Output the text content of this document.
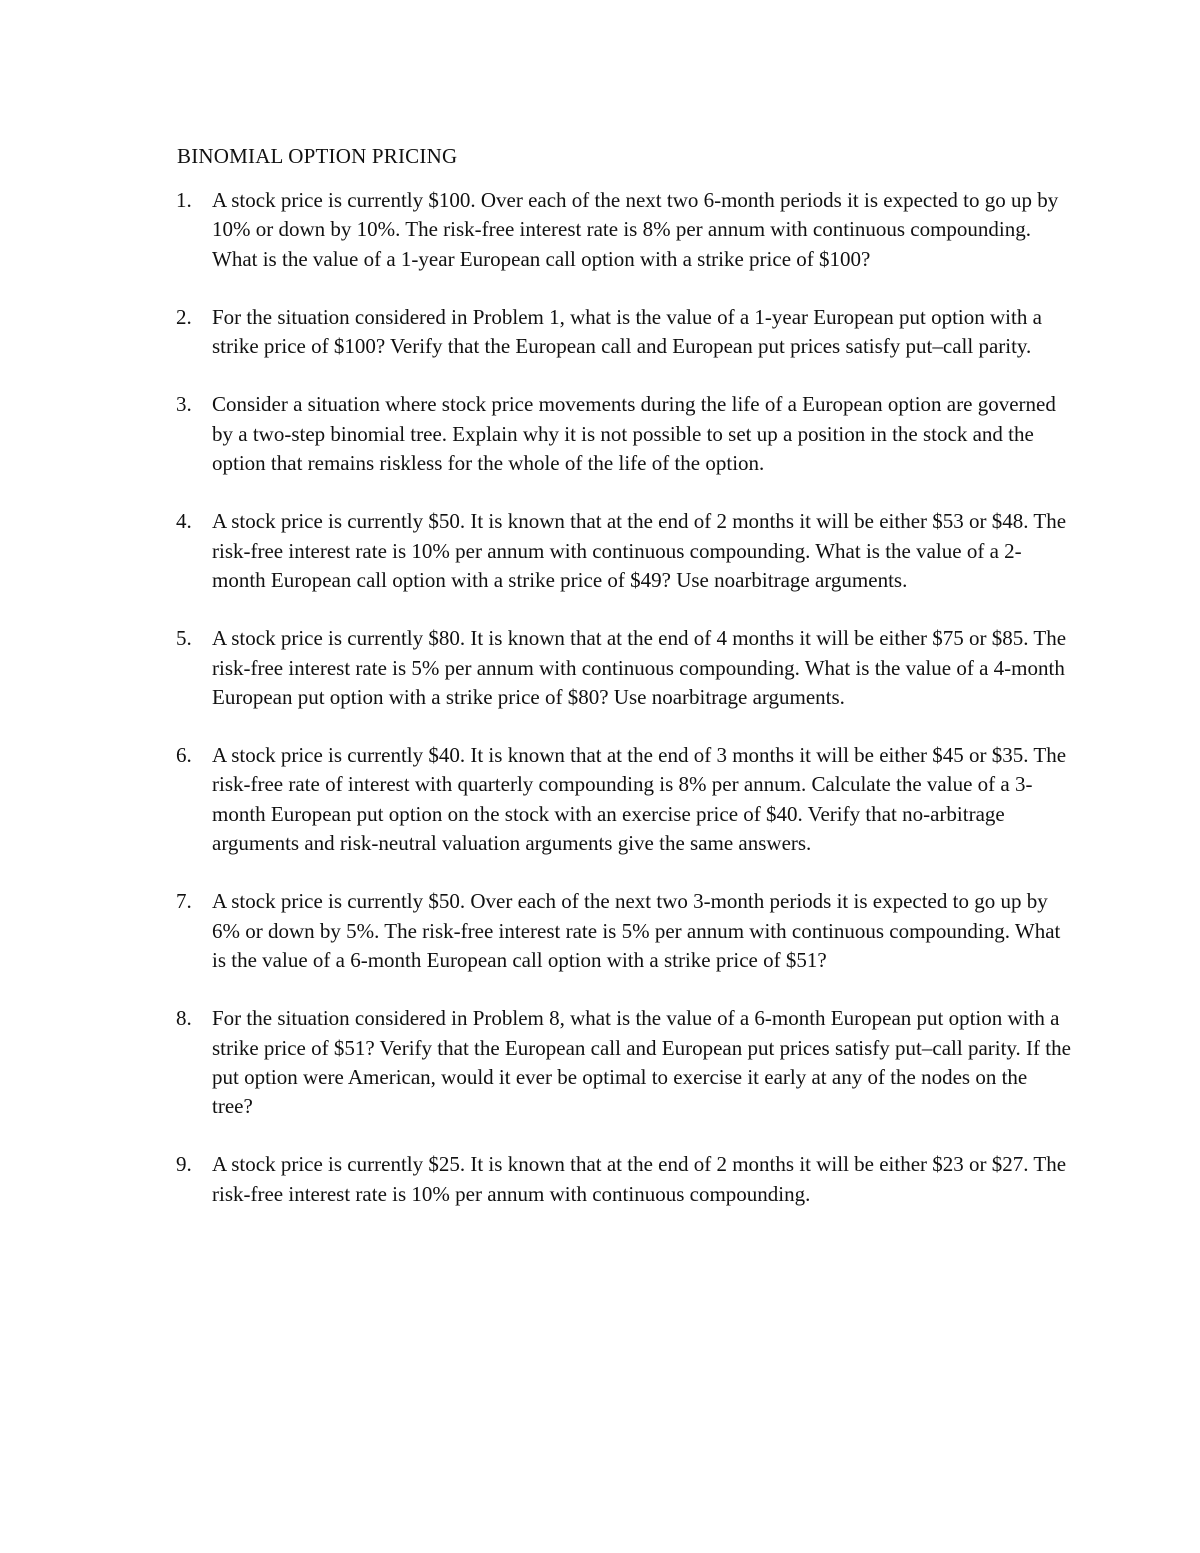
BINOMIAL OPTION PRICING
1. A stock price is currently $100. Over each of the next two 6-month periods it is expected to go up by 10% or down by 10%. The risk-free interest rate is 8% per annum with continuous compounding. What is the value of a 1-year European call option with a strike price of $100?
2. For the situation considered in Problem 1, what is the value of a 1-year European put option with a strike price of $100? Verify that the European call and European put prices satisfy put–call parity.
3. Consider a situation where stock price movements during the life of a European option are governed by a two-step binomial tree. Explain why it is not possible to set up a position in the stock and the option that remains riskless for the whole of the life of the option.
4. A stock price is currently $50. It is known that at the end of 2 months it will be either $53 or $48. The risk-free interest rate is 10% per annum with continuous compounding. What is the value of a 2-month European call option with a strike price of $49? Use noarbitrage arguments.
5. A stock price is currently $80. It is known that at the end of 4 months it will be either $75 or $85. The risk-free interest rate is 5% per annum with continuous compounding. What is the value of a 4-month European put option with a strike price of $80? Use noarbitrage arguments.
6. A stock price is currently $40. It is known that at the end of 3 months it will be either $45 or $35. The risk-free rate of interest with quarterly compounding is 8% per annum. Calculate the value of a 3-month European put option on the stock with an exercise price of $40. Verify that no-arbitrage arguments and risk-neutral valuation arguments give the same answers.
7. A stock price is currently $50. Over each of the next two 3-month periods it is expected to go up by 6% or down by 5%. The risk-free interest rate is 5% per annum with continuous compounding. What is the value of a 6-month European call option with a strike price of $51?
8. For the situation considered in Problem 8, what is the value of a 6-month European put option with a strike price of $51? Verify that the European call and European put prices satisfy put–call parity. If the put option were American, would it ever be optimal to exercise it early at any of the nodes on the tree?
9. A stock price is currently $25. It is known that at the end of 2 months it will be either $23 or $27. The risk-free interest rate is 10% per annum with continuous compounding.
